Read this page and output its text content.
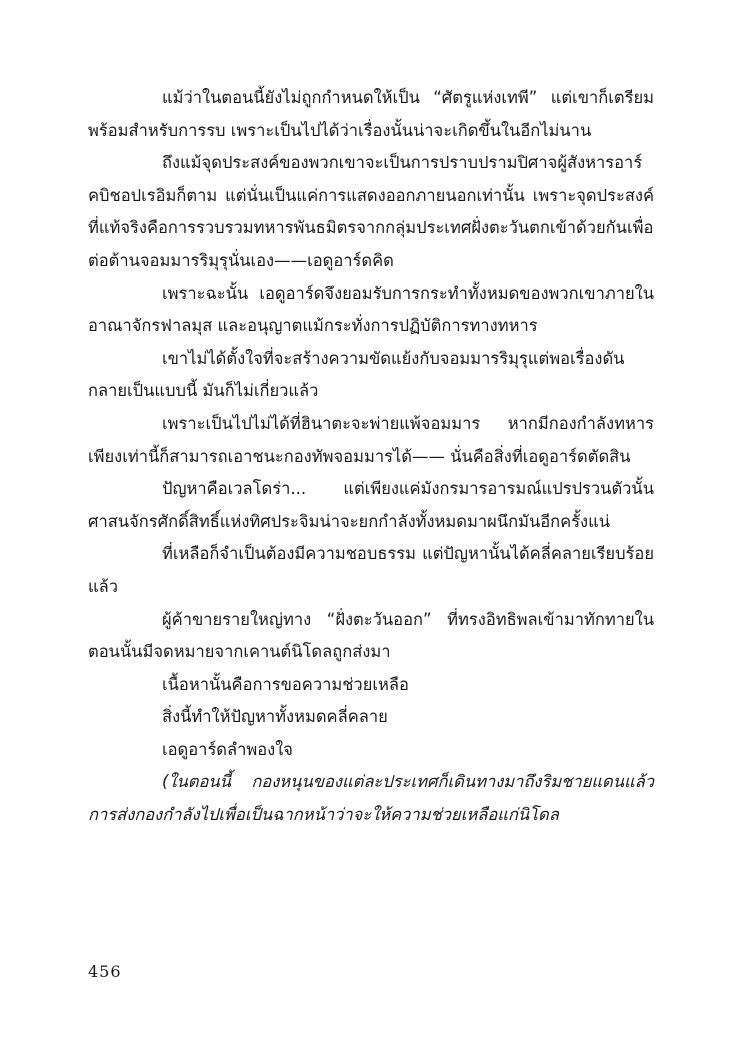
แม้ว่าในตอนนี้ยังไม่ถูกกำหนดให้เป็น “ศัตรูแห่งเทพี” แต่เขาก็เตรียมพร้อมสำหรับการรบ เพราะเป็นไปได้ว่าเรื่องนั้นน่าจะเกิดขึ้นในอีกไม่นาน

ถึงแม้จุดประสงค์ของพวกเขาจะเป็นการปราบปรามปิศาจผู้สังหารอาร์คบิชอปเรอิมก็ตาม แต่นั่นเป็นแค่การแสดงออกภายนอกเท่านั้น เพราะจุดประสงค์ที่แท้จริงคือการรวบรวมทหารพันธมิตรจากกลุ่มประเทศฝั่งตะวันตกเข้าด้วยกันเพื่อต่อต้านจอมมารริมุรุนั่นเอง——เอดูอาร์ดคิด

เพราะฉะนั้น เอดูอาร์ดจึงยอมรับการกระทำทั้งหมดของพวกเขาภายในอาณาจักรฟาลมุส และอนุญาตแม้กระทั่งการปฏิบัติการทางทหาร

เขาไม่ได้ตั้งใจที่จะสร้างความขัดแย้งกับจอมมารริมุรุแต่พอเรื่องดันกลายเป็นแบบนี้ มันก็ไม่เกี่ยวแล้ว

เพราะเป็นไปไม่ได้ที่ฮินาตะจะพ่ายแพ้จอมมาร หากมีกองกำลังทหารเพียงเท่านี้ก็สามารถเอาชนะกองทัพจอมมารได้—— นั่นคือสิ่งที่เอดูอาร์ดตัดสิน

ปัญหาคือเวลโดร่า... แต่เพียงแค่มังกรมารอารมณ์แปรปรวนตัวนั้น ศาสนจักรศักดิ์สิทธิ์แห่งทิศประจิมน่าจะยกกำลังทั้งหมดมาผนึกมันอีกครั้งแน่

ที่เหลือก็จำเป็นต้องมีความชอบธรรม แต่ปัญหานั้นได้คลี่คลายเรียบร้อยแล้ว

ผู้ค้าขายรายใหญ่ทาง “ฝั่งตะวันออก” ที่ทรงอิทธิพลเข้ามาทักทายในตอนนั้นมีจดหมายจากเคานต์นิโดลถูกส่งมา

เนื้อหานั้นคือการขอความช่วยเหลือ

สิ่งนี้ทำให้ปัญหาทั้งหมดคลี่คลาย

เอดูอาร์ดลำพองใจ

(ในตอนนี้ กองหนุนของแต่ละประเทศก็เดินทางมาถึงริมชายแดนแล้ว การส่งกองกำลังไปเพื่อเป็นฉากหน้าว่าจะให้ความช่วยเหลือแก่นิโดล

456
